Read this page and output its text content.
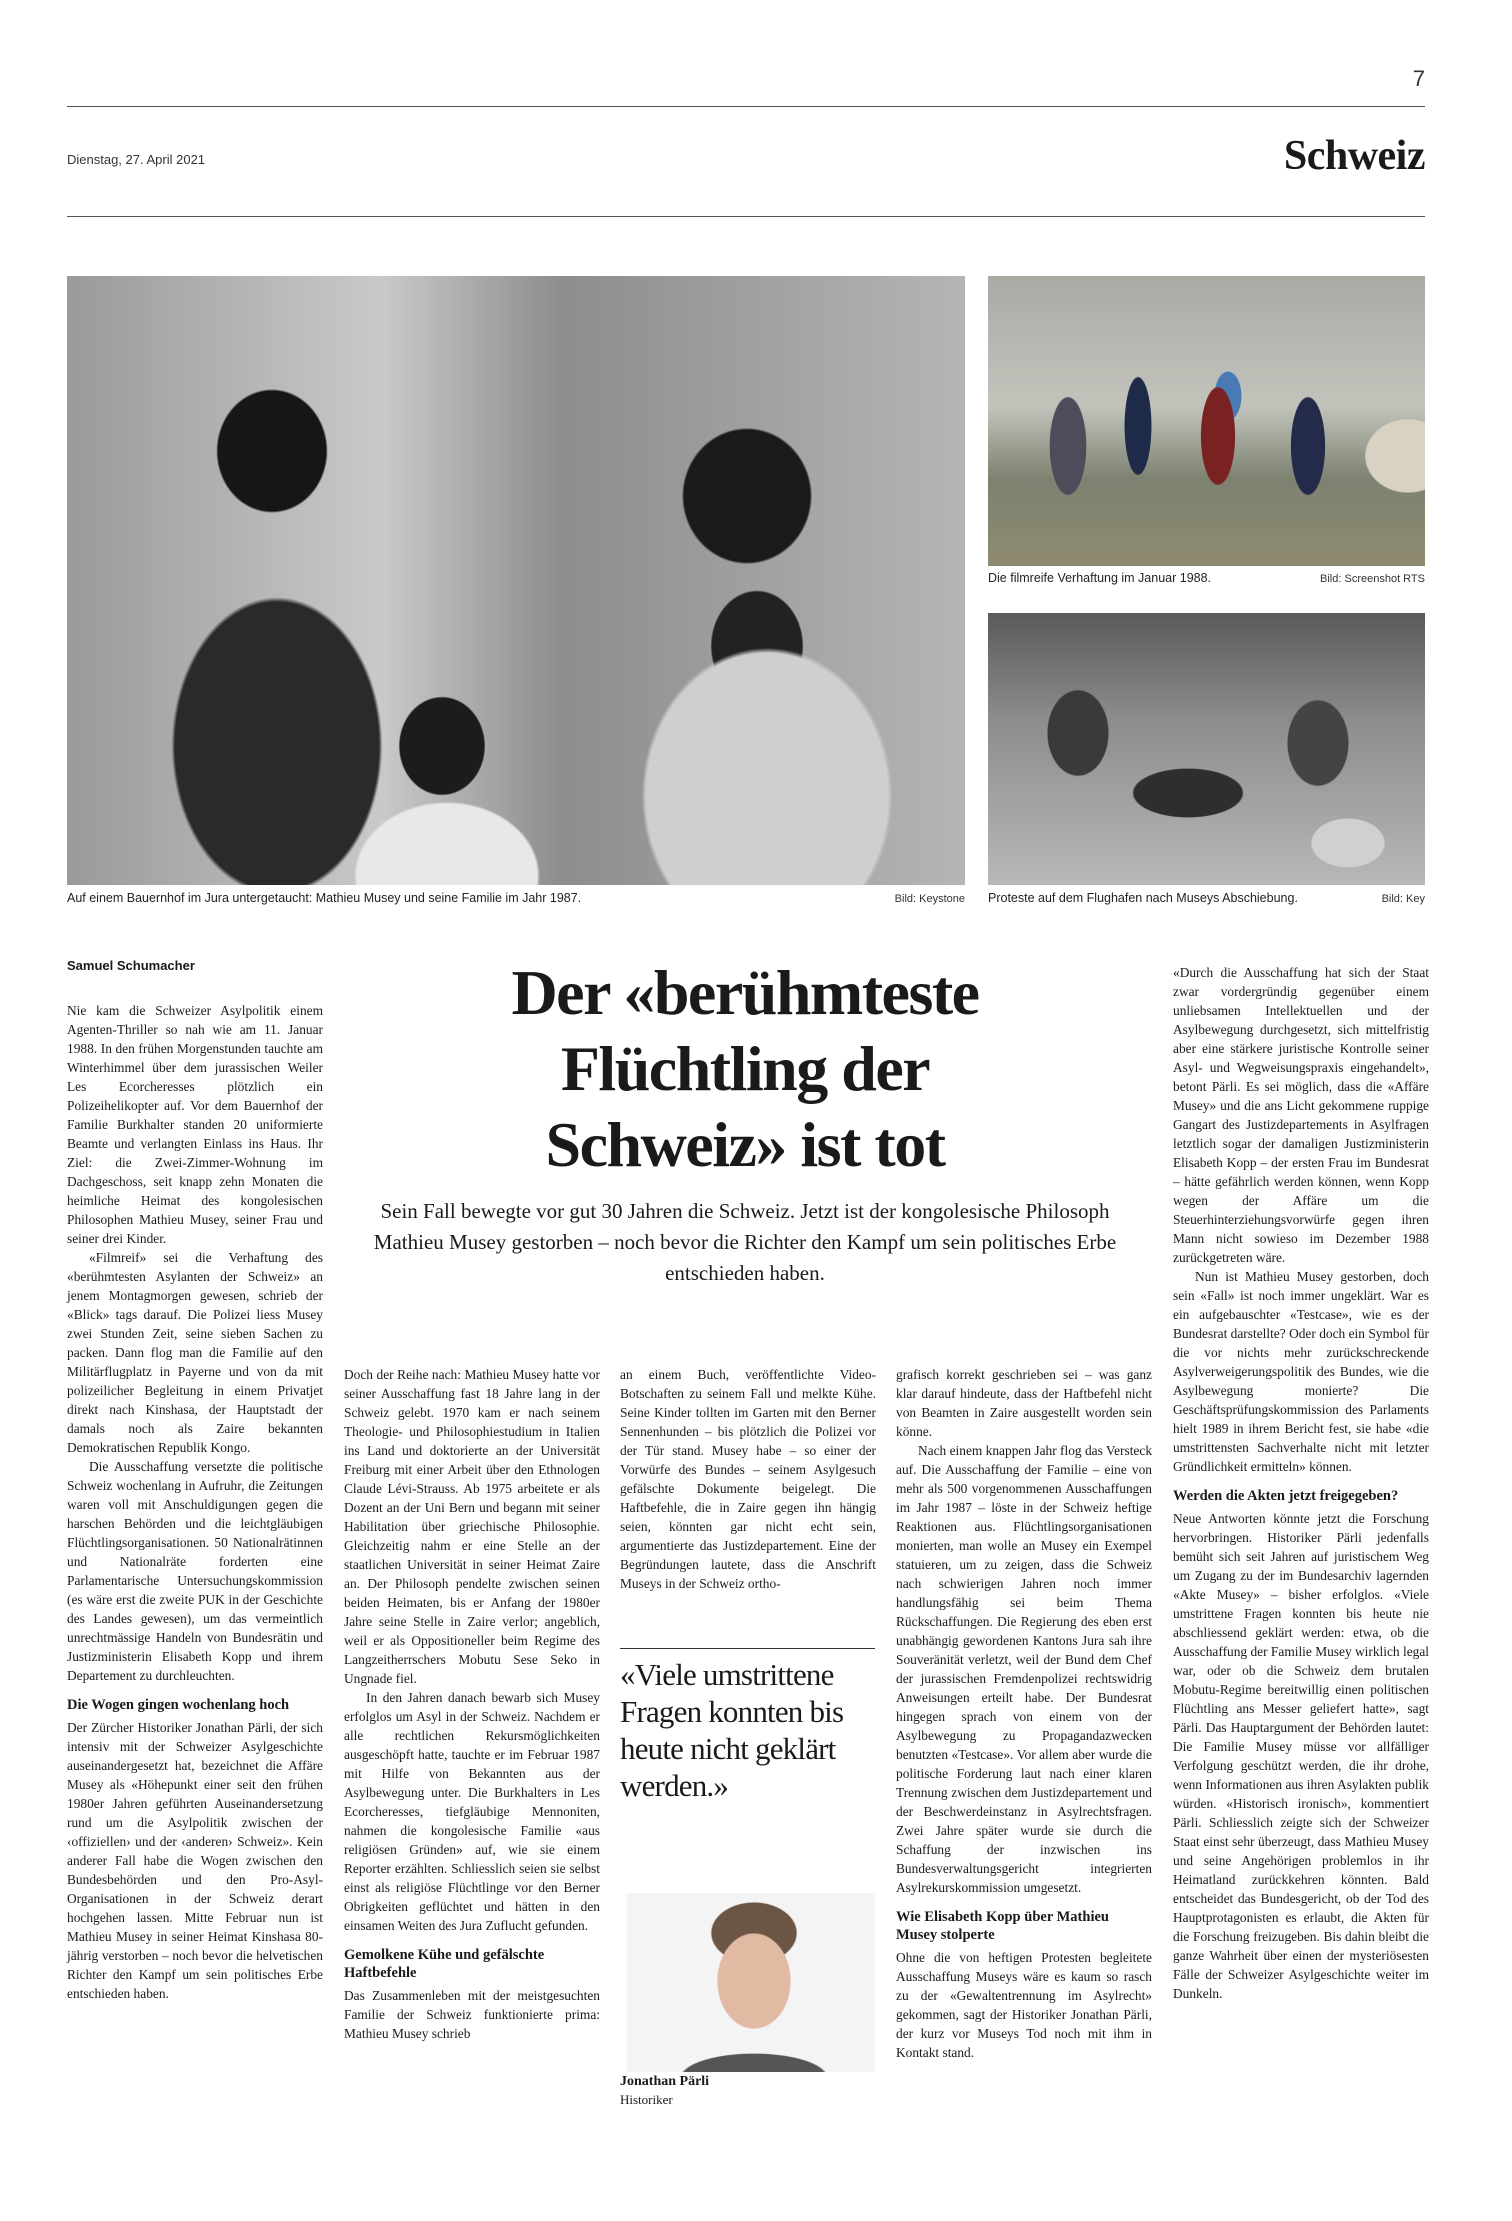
7
Dienstag, 27. April 2021	Schweiz
Auf einem Bauernhof im Jura untergetaucht: Mathieu Musey und seine Familie im Jahr 1987.	Bild: Keystone
Die filmreife Verhaftung im Januar 1988.	Bild: Screenshot RTS
Proteste auf dem Flughafen nach Museys Abschiebung.	Bild: Key
Samuel Schumacher	Der «berühmteste
Flüchtling der
Schweiz» ist tot

Sein Fall bewegte vor gut 30 Jahren die Schweiz. Jetzt ist der kongolesische Philosoph Mathieu Musey gestorben – noch bevor die Richter den Kampf um sein politisches Erbe entschieden haben.

Nie kam die Schweizer Asylpolitik einem Agenten-Thriller so nah wie am 11. Januar 1988. In den frühen Morgenstunden tauchte am Winterhimmel über dem jurassischen Weiler Les Ecorcheresses plötzlich ein Polizeihelikopter auf. Vor dem Bauernhof der Familie Burkhalter standen 20 uniformierte Beamte und verlangten Einlass ins Haus. Ihr Ziel: die Zwei-Zimmer-Wohnung im Dachgeschoss, seit knapp zehn Monaten die heimliche Heimat des kongolesischen Philosophen Mathieu Musey, seiner Frau und seiner drei Kinder.

«Filmreif» sei die Verhaftung des «berühmtesten Asylanten der Schweiz» an jenem Montagmorgen gewesen, schrieb der «Blick» tags darauf. Die Polizei liess Musey zwei Stunden Zeit, seine sieben Sachen zu packen. Dann flog man die Familie auf den Militärflugplatz in Payerne und von da mit polizeilicher Begleitung in einem Privatjet direkt nach Kinshasa, der Hauptstadt der damals noch als Zaire bekannten Demokratischen Republik Kongo.

Die Ausschaffung versetzte die politische Schweiz wochenlang in Aufruhr, die Zeitungen waren voll mit Anschuldigungen gegen die harschen Behörden und die leichtgläubigen Flüchtlingsorganisationen. 50 Nationalrätinnen und Nationalräte forderten eine Parlamentarische Untersuchungskommission (es wäre erst die zweite PUK in der Geschichte des Landes gewesen), um das vermeintlich unrechtmässige Handeln von Bundesrätin und Justizministerin Elisabeth Kopp und ihrem Departement zu durchleuchten.

Die Wogen gingen wochenlang hoch

Der Zürcher Historiker Jonathan Pärli, der sich intensiv mit der Schweizer Asylgeschichte auseinandergesetzt hat, bezeichnet die Affäre Musey als «Höhepunkt einer seit den frühen 1980er Jahren geführten Auseinandersetzung rund um die Asylpolitik zwischen der ‹offiziellen› und der ‹anderen› Schweiz». Kein anderer Fall habe die Wogen zwischen den Bundesbehörden und den Pro-Asyl-Organisationen in der Schweiz derart hochgehen lassen. Mitte Februar nun ist Mathieu Musey in seiner Heimat Kinshasa 80-jährig verstorben – noch bevor die helvetischen Richter den Kampf um sein politisches Erbe entschieden haben.

Doch der Reihe nach: Mathieu Musey hatte vor seiner Ausschaffung fast 18 Jahre lang in der Schweiz gelebt. 1970 kam er nach seinem Theologie- und Philosophiestudium in Italien ins Land und doktorierte an der Universität Freiburg mit einer Arbeit über den Ethnologen Claude Lévi-Strauss. Ab 1975 arbeitete er als Dozent an der Uni Bern und begann mit seiner Habilitation über griechische Philosophie. Gleichzeitig nahm er eine Stelle an der staatlichen Universität in seiner Heimat Zaire an. Der Philosoph pendelte zwischen seinen beiden Heimaten, bis er Anfang der 1980er Jahre seine Stelle in Zaire verlor; angeblich, weil er als Oppositioneller beim Regime des Langzeitherrschers Mobutu Sese Seko in Ungnade fiel.

In den Jahren danach bewarb sich Musey erfolglos um Asyl in der Schweiz. Nachdem er alle rechtlichen Rekursmöglichkeiten ausgeschöpft hatte, tauchte er im Februar 1987 mit Hilfe von Bekannten aus der Asylbewegung unter. Die Burkhalters in Les Ecorcheresses, tiefgläubige Mennoniten, nahmen die kongolesische Familie «aus religiösen Gründen» auf, wie sie einem Reporter erzählten. Schliesslich seien sie selbst einst als religiöse Flüchtlinge vor den Berner Obrigkeiten geflüchtet und hätten in den einsamen Weiten des Jura Zuflucht gefunden.

Gemolkene Kühe und gefälschte Haftbefehle

Das Zusammenleben mit der meistgesuchten Familie der Schweiz funktionierte prima: Mathieu Musey schrieb

an einem Buch, veröffentlichte Video-Botschaften zu seinem Fall und melkte Kühe. Seine Kinder tollten im Garten mit den Berner Sennenhunden – bis plötzlich die Polizei vor der Tür stand. Musey habe – so einer der Vorwürfe des Bundes – seinem Asylgesuch gefälschte Dokumente beigelegt. Die Haftbefehle, die in Zaire gegen ihn hängig seien, könnten gar nicht echt sein, argumentierte das Justizdepartement. Eine der Begründungen lautete, dass die Anschrift Museys in der Schweiz ortho-

grafisch korrekt geschrieben sei – was ganz klar darauf hindeute, dass der Haftbefehl nicht von Beamten in Zaire ausgestellt worden sein könne.

Nach einem knappen Jahr flog das Versteck auf. Die Ausschaffung der Familie – eine von mehr als 500 vorgenommenen Ausschaffungen im Jahr 1987 – löste in der Schweiz heftige Reaktionen aus. Flüchtlingsorganisationen monierten, man wolle an Musey ein Exempel statuieren, um zu zeigen, dass die Schweiz nach schwierigen Jahren noch immer handlungsfähig sei beim Thema Rückschaffungen. Die Regierung des eben erst unabhängig gewordenen Kantons Jura sah ihre Souveränität verletzt, weil der Bund dem Chef der jurassischen Fremdenpolizei rechtswidrig Anweisungen erteilt habe. Der Bundesrat hingegen sprach von einem von der Asylbewegung zu Propagandazwecken benutzten «Testcase». Vor allem aber wurde die politische Forderung laut nach einer klaren Trennung zwischen dem Justizdepartement und der Beschwerdeinstanz in Asylrechtsfragen. Zwei Jahre später wurde sie durch die Schaffung der inzwischen ins Bundesverwaltungsgericht integrierten Asylrekurskommission umgesetzt.

Wie Elisabeth Kopp über Mathieu Musey stolperte

Ohne die von heftigen Protesten begleitete Ausschaffung Museys wäre es kaum so rasch zu der «Gewaltentrennung im Asylrecht» gekommen, sagt der Historiker Jonathan Pärli, der kurz vor Museys Tod noch mit ihm in Kontakt stand.

«Durch die Ausschaffung hat sich der Staat zwar vordergründig gegenüber einem unliebsamen Intellektuellen und der Asylbewegung durchgesetzt, sich mittelfristig aber eine stärkere juristische Kontrolle seiner Asyl- und Wegweisungspraxis eingehandelt», betont Pärli. Es sei möglich, dass die «Affäre Musey» und die ans Licht gekommene ruppige Gangart des Justizdepartements in Asylfragen letztlich sogar der damaligen Justizministerin Elisabeth Kopp – der ersten Frau im Bundesrat – hätte gefährlich werden können, wenn Kopp wegen der Affäre um die Steuerhinterziehungsvorwürfe gegen ihren Mann nicht sowieso im Dezember 1988 zurückgetreten wäre.

Nun ist Mathieu Musey gestorben, doch sein «Fall» ist noch immer ungeklärt. War es ein aufgebauschter «Testcase», wie es der Bundesrat darstellte? Oder doch ein Symbol für die vor nichts mehr zurückschreckende Asylverweigerungspolitik des Bundes, wie die Asylbewegung monierte? Die Geschäftsprüfungskommission des Parlaments hielt 1989 in ihrem Bericht fest, sie habe «die umstrittensten Sachverhalte nicht mit letzter Gründlichkeit ermitteln» können.

Werden die Akten jetzt freigegeben?

Neue Antworten könnte jetzt die Forschung hervorbringen. Historiker Pärli jedenfalls bemüht sich seit Jahren auf juristischem Weg um Zugang zu der im Bundesarchiv lagernden «Akte Musey» – bisher erfolglos. «Viele umstrittene Fragen konnten bis heute nie abschliessend geklärt werden: etwa, ob die Ausschaffung der Familie Musey wirklich legal war, oder ob die Schweiz dem brutalen Mobutu-Regime bereitwillig einen politischen Flüchtling ans Messer geliefert hatte», sagt Pärli. Das Hauptargument der Behörden lautet: Die Familie Musey müsse vor allfälliger Verfolgung geschützt werden, die ihr drohe, wenn Informationen aus ihren Asylakten publik würden. «Historisch ironisch», kommentiert Pärli. Schliesslich zeigte sich der Schweizer Staat einst sehr überzeugt, dass Mathieu Musey und seine Angehörigen problemlos in ihr Heimatland zurückkehren könnten. Bald entscheidet das Bundesgericht, ob der Tod des Hauptprotagonisten es erlaubt, die Akten für die Forschung freizugeben. Bis dahin bleibt die ganze Wahrheit über einen der mysteriösesten Fälle der Schweizer Asylgeschichte weiter im Dunkeln.

«Viele umstrittene Fragen konnten bis heute nicht geklärt werden.»

Jonathan Pärli
Historiker
